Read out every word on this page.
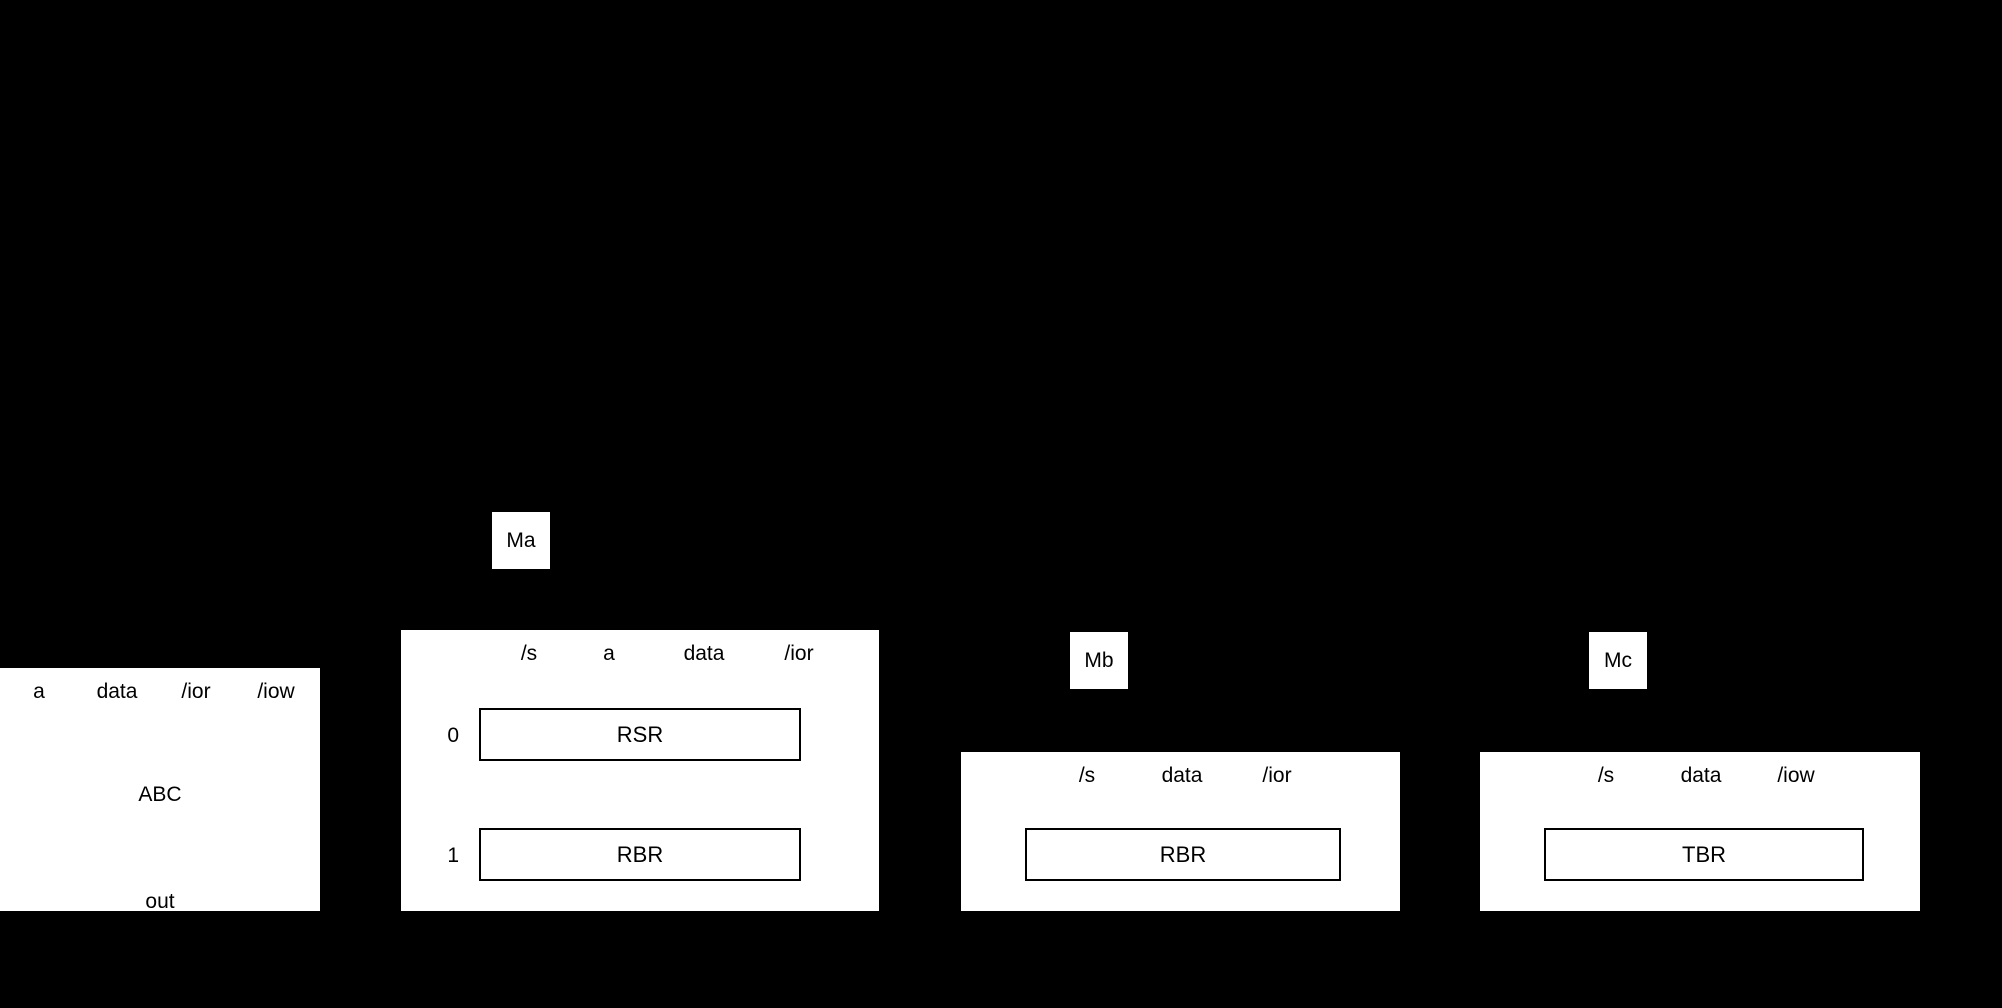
Ma
Mb	Mc
a	data	/ior	/iow
ABC
out
/s	a	data	/ior
0	RSR
1	RBR
/s	data	/ior
RBR
/s	data	/iow
TBR
